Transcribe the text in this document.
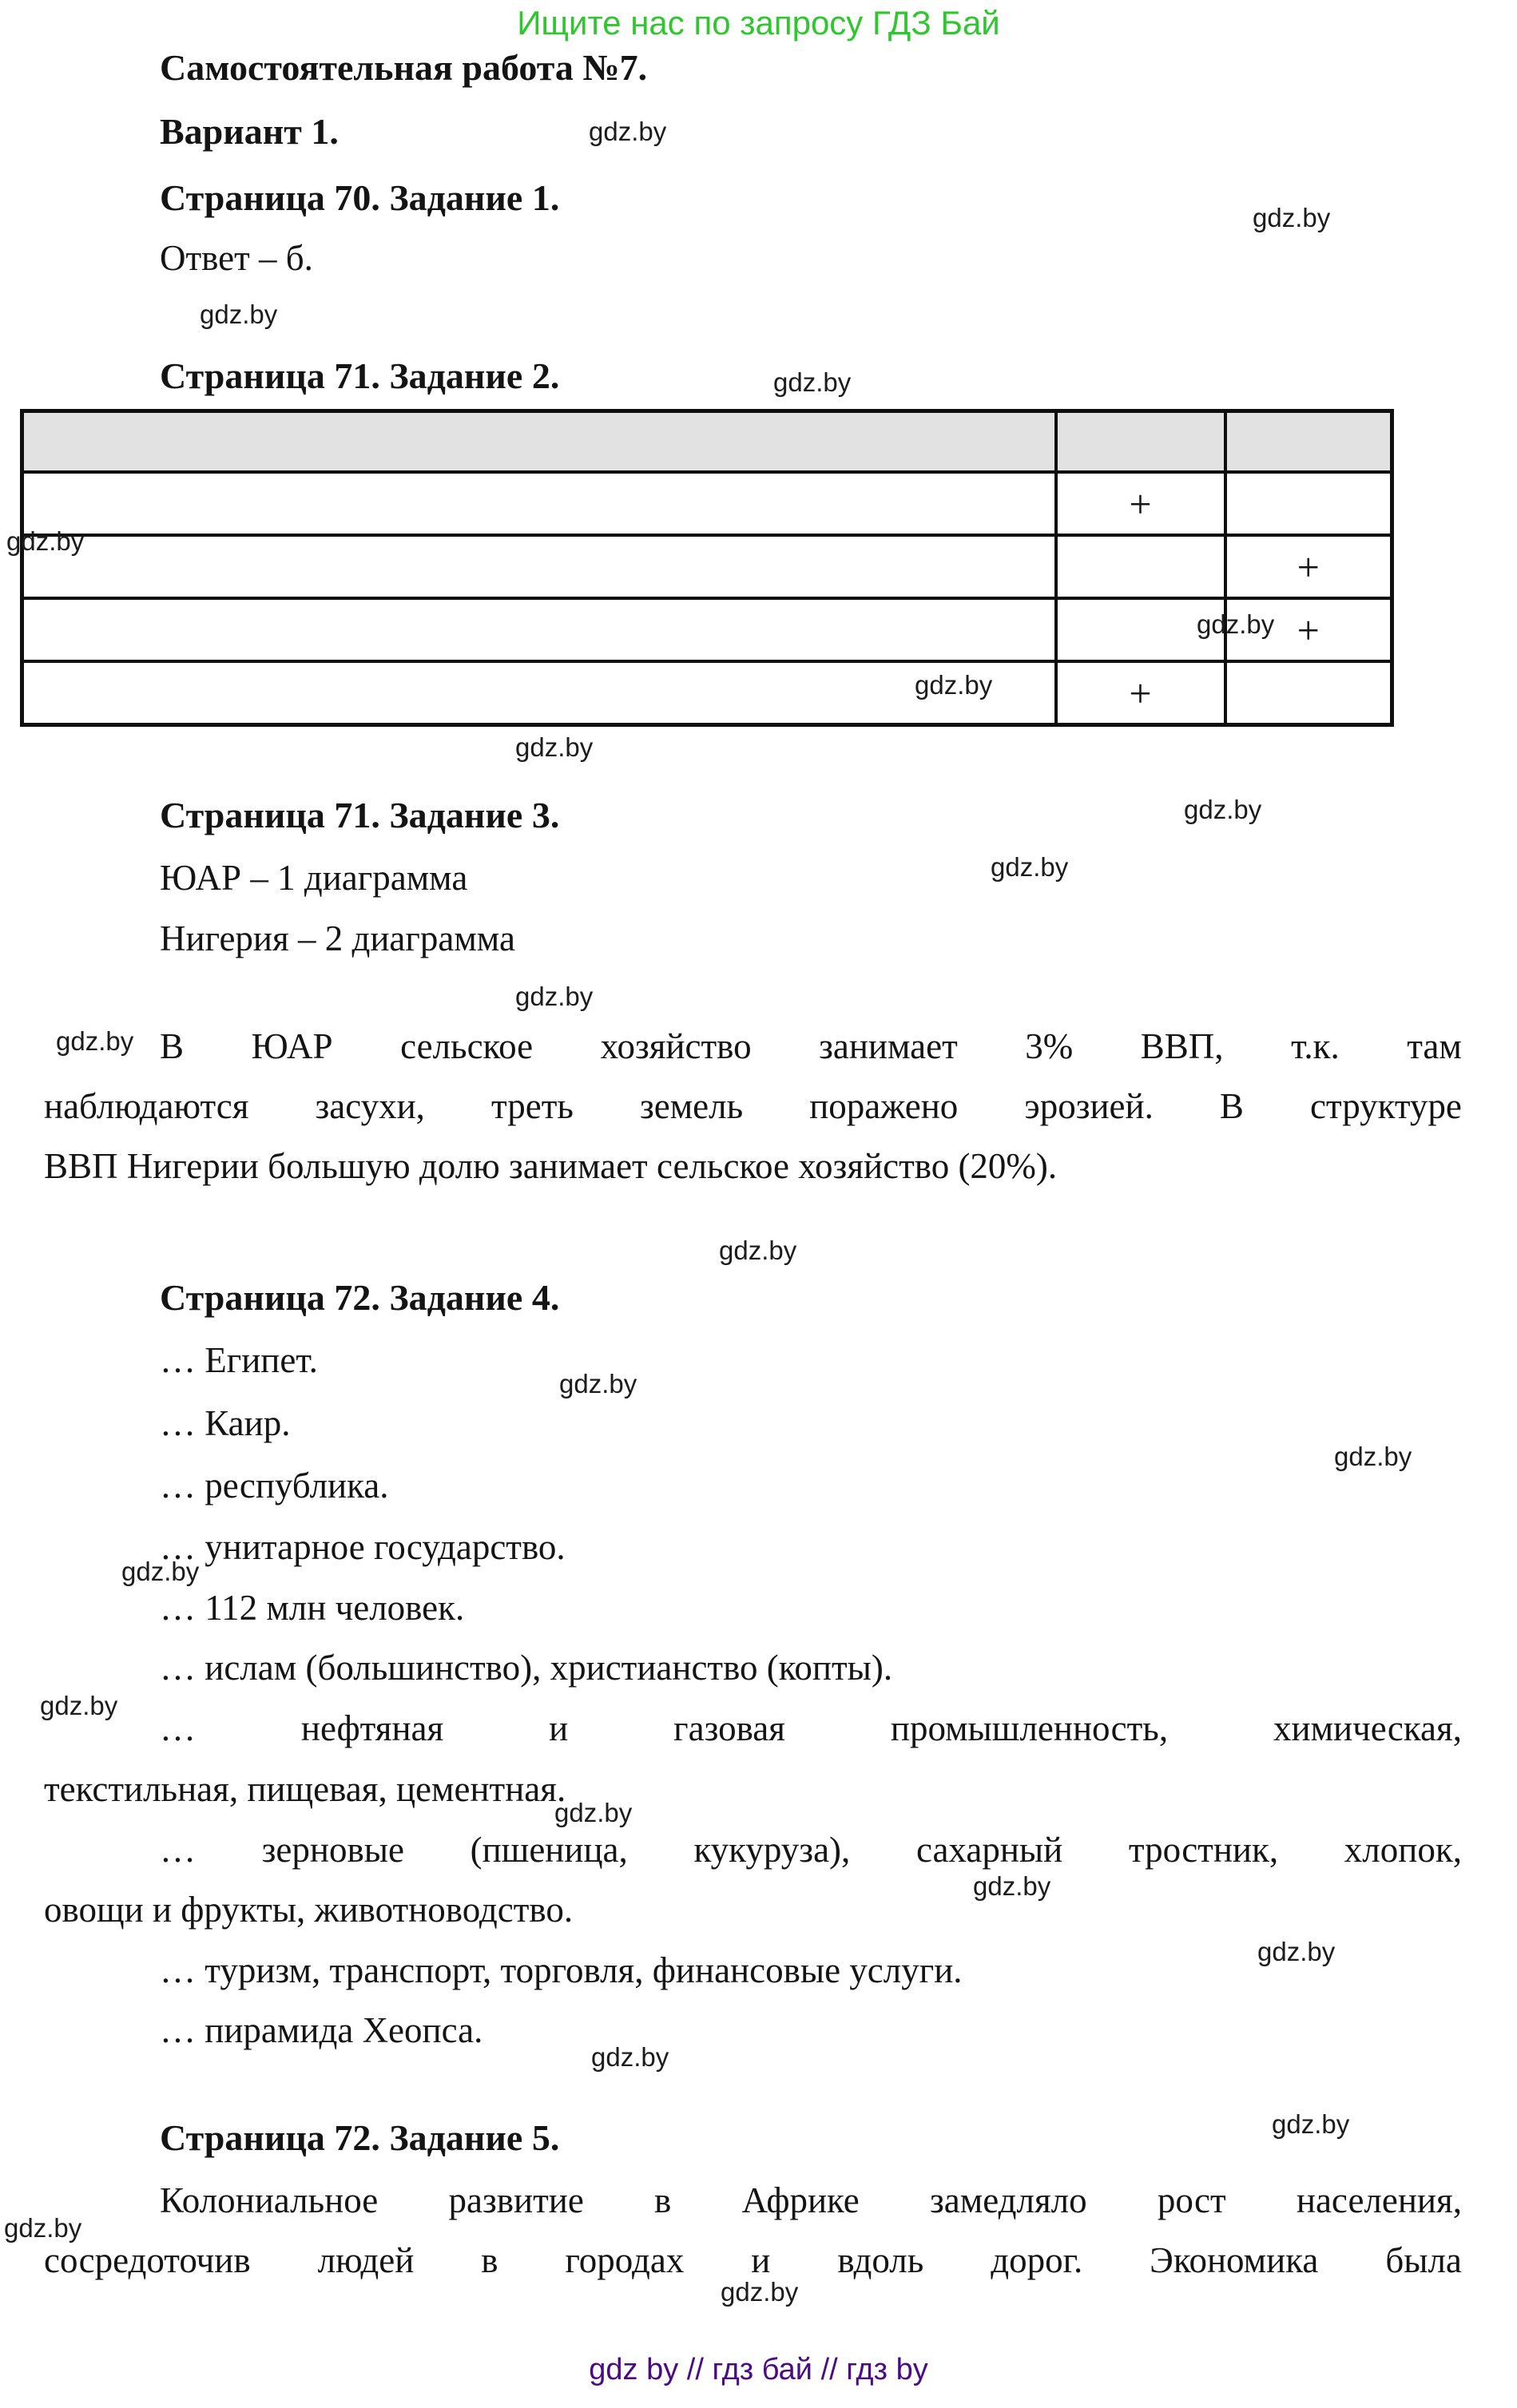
Ищите нас по запросу ГДЗ Бай
Самостоятельная работа №7.
Вариант 1.
Страница 70. Задание 1.
Ответ – б.
Страница 71. Задание 2.

	+	
		+
		+
	+	
Страница 71. Задание 3.
ЮАР – 1 диаграмма
Нигерия – 2 диаграмма
В ЮАР сельское хозяйство занимает 3% ВВП, т.к. там
наблюдаются засухи, треть земель поражено эрозией. В структуре
ВВП Нигерии большую долю занимает сельское хозяйство (20%).
Страница 72. Задание 4.
… Египет.
… Каир.
… республика.
… унитарное государство.
… 112 млн человек.
… ислам (большинство), христианство (копты).
…	нефтяная	и	газовая	промышленность,	химическая,
текстильная, пищевая, цементная.
… зерновые (пшеница, кукуруза), сахарный тростник, хлопок,
овощи и фрукты, животноводство.
… туризм, транспорт, торговля, финансовые услуги.
… пирамида Хеопса.
Страница 72. Задание 5.
Колониальное развитие в Африке замедляло рост населения,
сосредоточив людей в городах и вдоль дорог. Экономика была
gdz by // гдз бай // гдз by
gdz.by
gdz.by
gdz.by
gdz.by
gdz.by
gdz.by
gdz.by
gdz.by
gdz.by
gdz.by
gdz.by
gdz.by
gdz.by
gdz.by
gdz.by
gdz.by
gdz.by
gdz.by
gdz.by
gdz.by
gdz.by
gdz.by
gdz.by
gdz.by
